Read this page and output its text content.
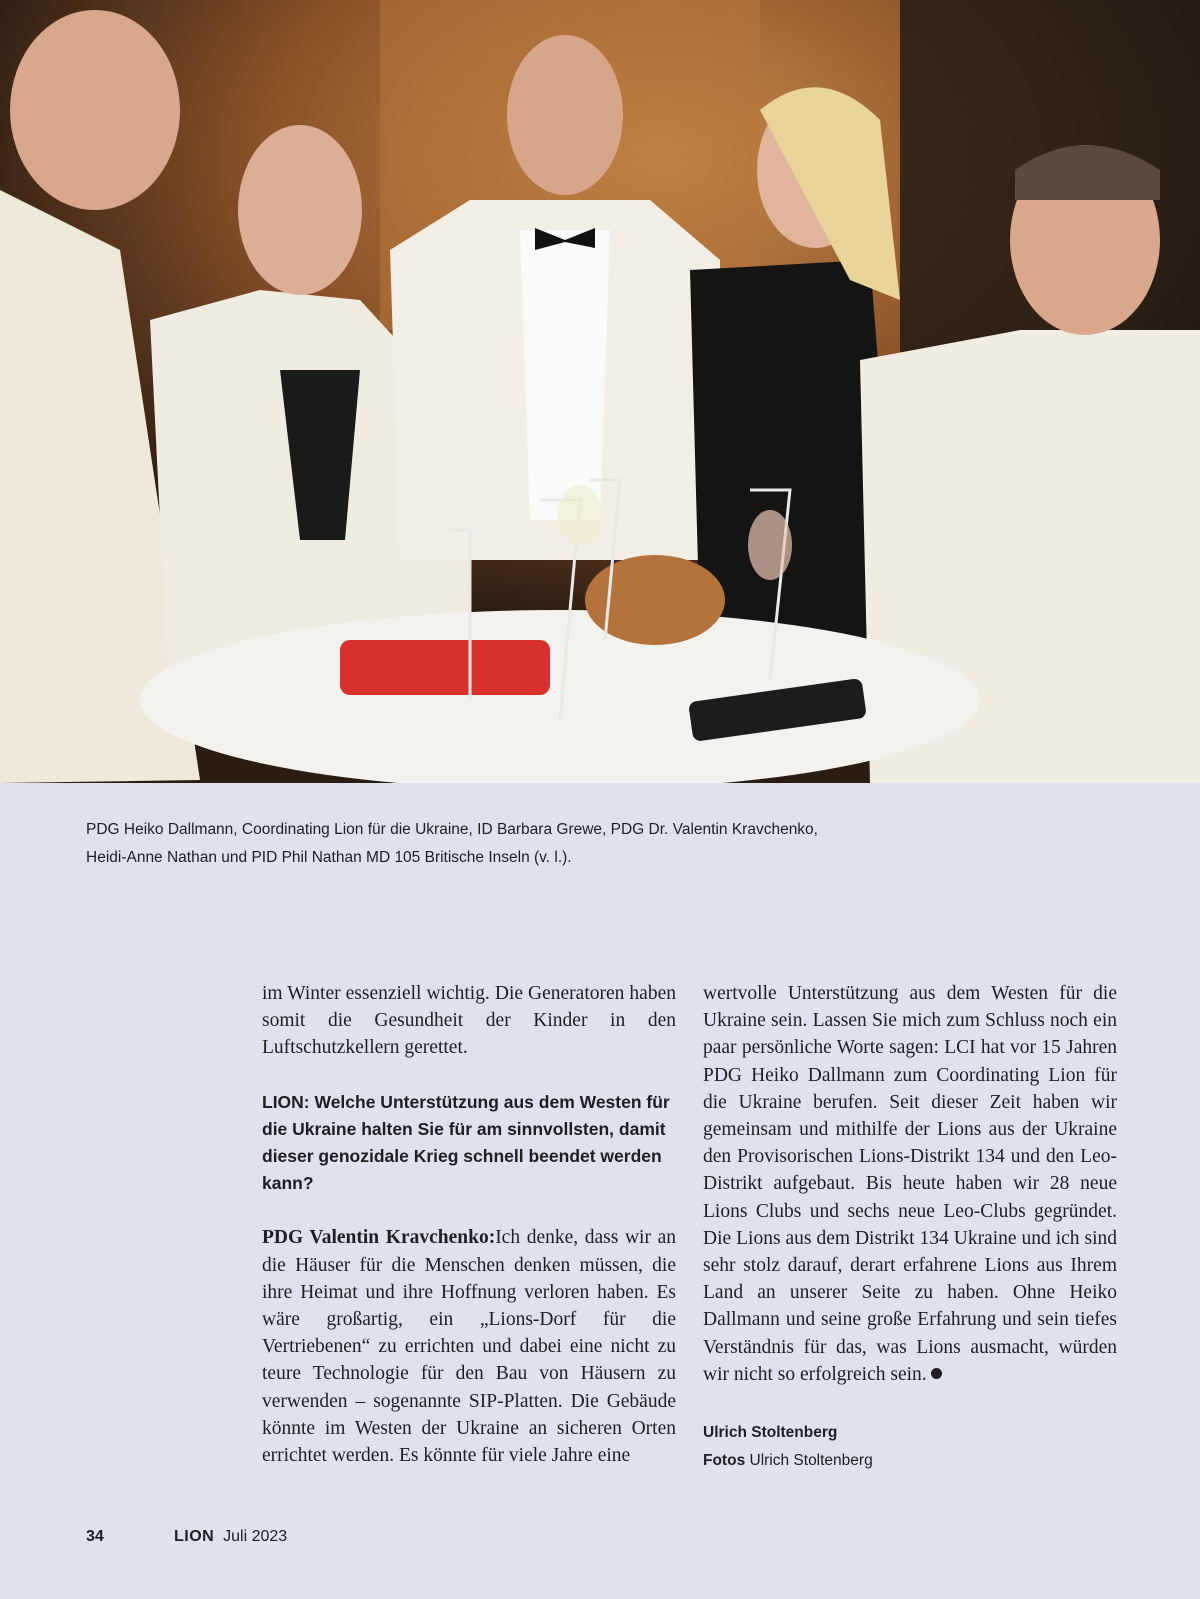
PDG Heiko Dallmann, Coordinating Lion für die Ukraine, ID Barbara Grewe, PDG Dr. Valentin Kravchenko,
Heidi-Anne Nathan und PID Phil Nathan MD 105 Britische Inseln (v. l.).

im Winter essenziell wichtig. Die Generatoren haben somit die Gesundheit der Kinder in den Luftschutzkellern gerettet.

LION: Welche Unterstützung aus dem Westen für die Ukraine halten Sie für am sinnvollsten, damit dieser genozidale Krieg schnell beendet werden kann?

PDG Valentin Kravchenko:Ich denke, dass wir an die Häuser für die Menschen denken müssen, die ihre Heimat und ihre Hoffnung verloren haben. Es wäre großartig, ein „Lions-Dorf für die Vertriebenen“ zu errichten und dabei eine nicht zu teure Technologie für den Bau von Häusern zu verwenden – sogenannte SIP-Platten. Die Gebäude könnte im Westen der Ukraine an sicheren Orten errichtet werden. Es könnte für viele Jahre eine

wertvolle Unterstützung aus dem Westen für die Ukraine sein. Lassen Sie mich zum Schluss noch ein paar persönliche Worte sagen: LCI hat vor 15 Jahren PDG Heiko Dallmann zum Coordinating Lion für die Ukraine berufen. Seit dieser Zeit haben wir gemeinsam und mithilfe der Lions aus der Ukraine den Provisorischen Lions-Distrikt 134 und den Leo-Distrikt aufgebaut. Bis heute haben wir 28 neue Lions Clubs und sechs neue Leo-Clubs gegründet. Die Lions aus dem Distrikt 134 Ukraine und ich sind sehr stolz darauf, derart erfahrene Lions aus Ihrem Land an unserer Seite zu haben. Ohne Heiko Dallmann und seine große Erfahrung und sein tiefes Verständnis für das, was Lions ausmacht, würden wir nicht so erfolgreich sein.

Ulrich Stoltenberg
Fotos Ulrich Stoltenberg
34	LION Juli 2023
